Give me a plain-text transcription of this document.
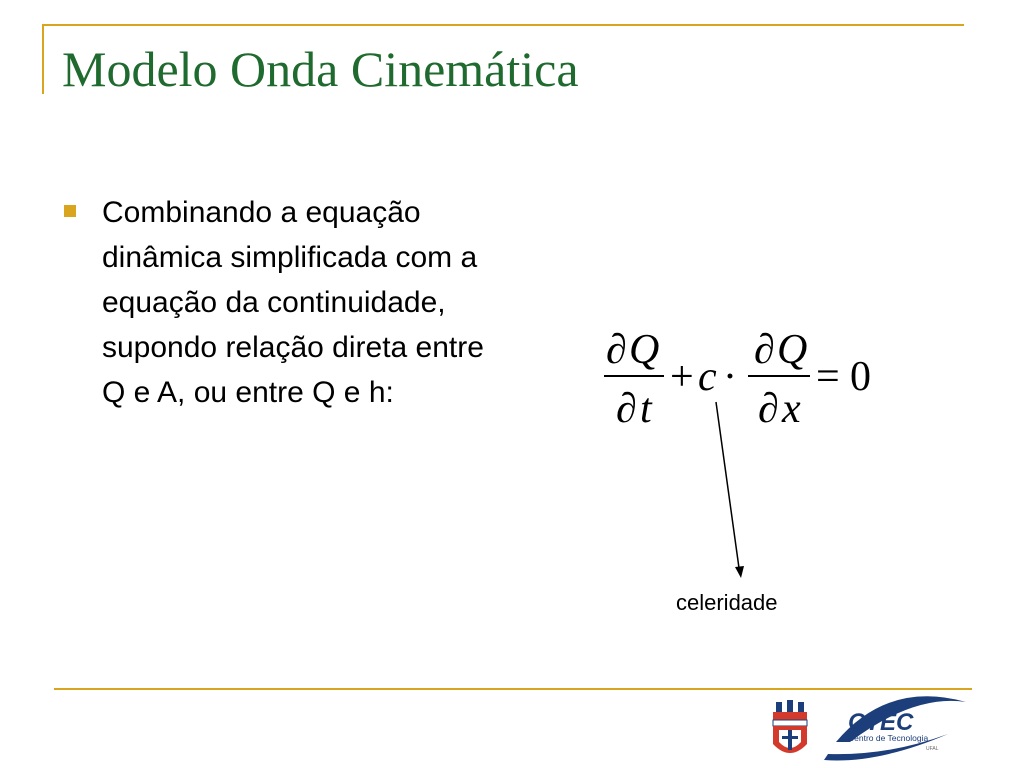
Modelo Onda Cinemática
Combinando a equação dinâmica simplificada com a equação da continuidade, supondo relação direta entre Q e A, ou entre Q e h:
∂ Q
∂ t
+ c ·
∂ Q
∂ x
= 0
celeridade
CTEC
Centro de Tecnologia
UFAL
